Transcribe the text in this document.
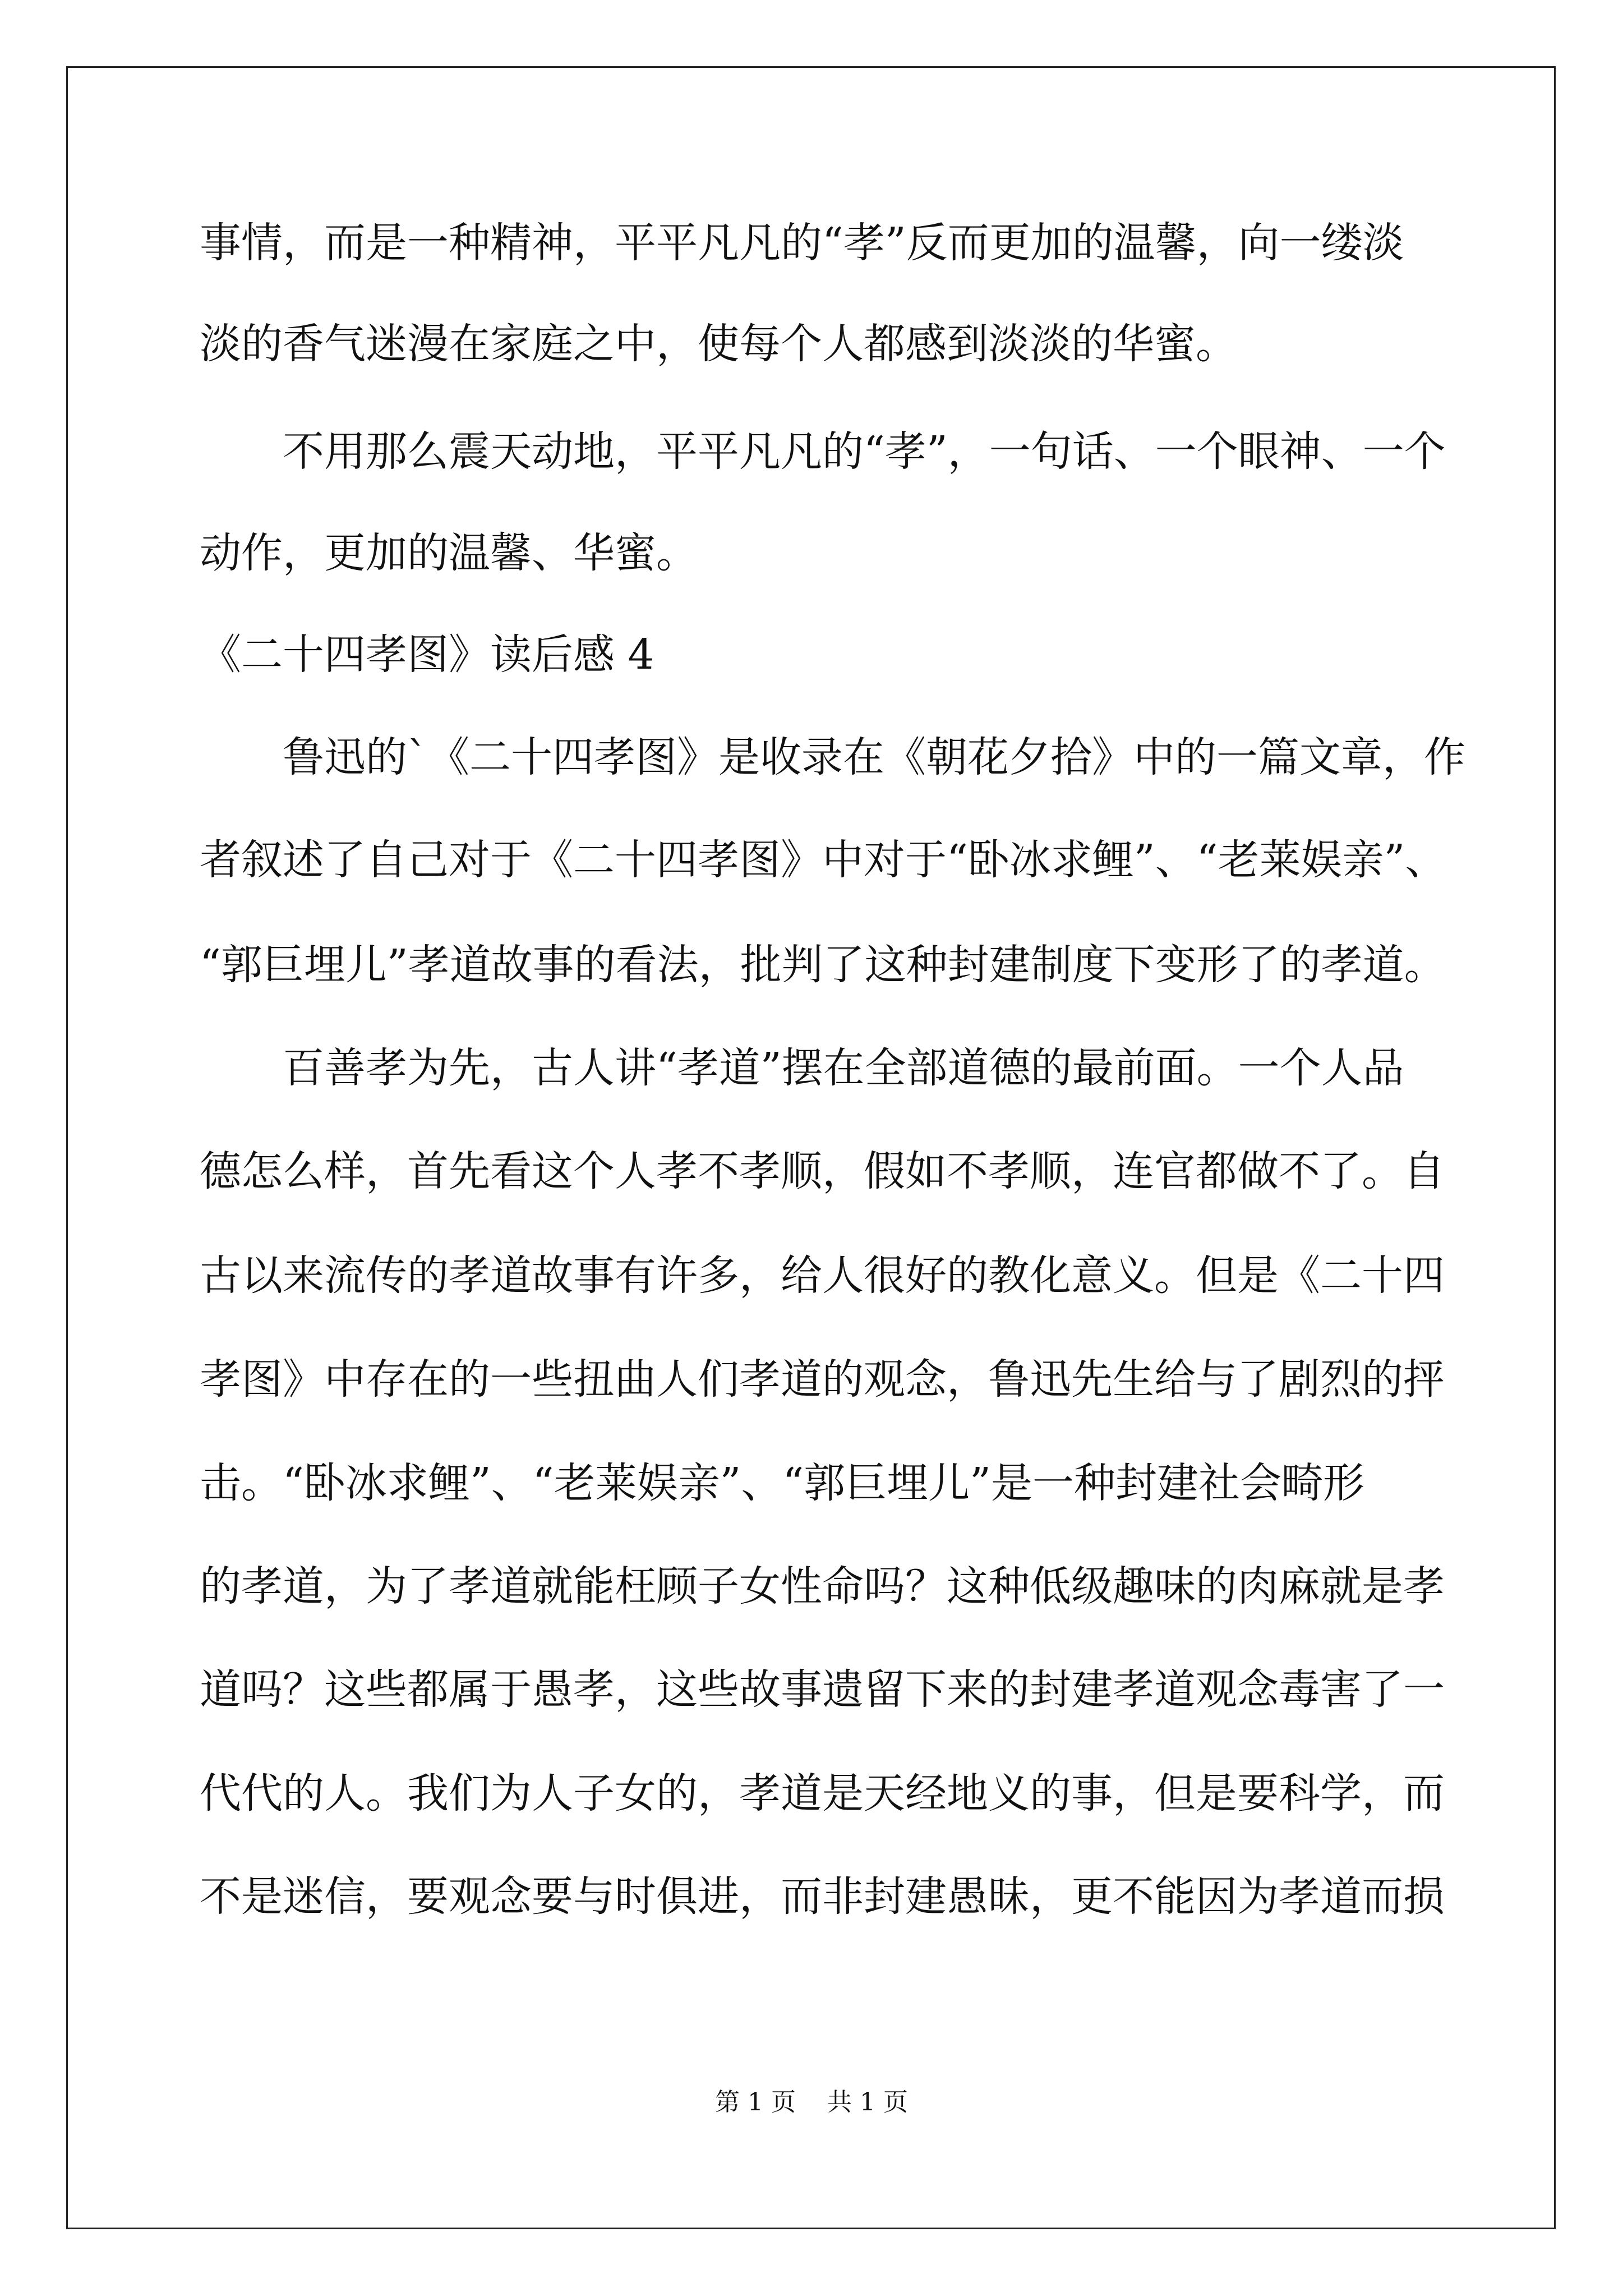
事情，而是一种精神，平平凡凡的“孝”反而更加的温馨，向一缕淡
淡的香气迷漫在家庭之中，使每个人都感到淡淡的华蜜。
不用那么震天动地，平平凡凡的“孝”，一句话、一个眼神、一个
动作，更加的温馨、华蜜。
《二十四孝图》读后感 4
鲁迅的`《二十四孝图》是收录在《朝花夕拾》中的一篇文章，作
者叙述了自己对于《二十四孝图》中对于“卧冰求鲤”、“老莱娱亲”、
“郭巨埋儿”孝道故事的看法，批判了这种封建制度下变形了的孝道。
百善孝为先，古人讲“孝道”摆在全部道德的最前面。一个人品
德怎么样，首先看这个人孝不孝顺，假如不孝顺，连官都做不了。自
古以来流传的孝道故事有许多，给人很好的教化意义。但是《二十四
孝图》中存在的一些扭曲人们孝道的观念，鲁迅先生给与了剧烈的抨
击。“卧冰求鲤”、“老莱娱亲”、“郭巨埋儿”是一种封建社会畸形
的孝道，为了孝道就能枉顾子女性命吗？这种低级趣味的肉麻就是孝
道吗？这些都属于愚孝，这些故事遗留下来的封建孝道观念毒害了一
代代的人。我们为人子女的，孝道是天经地义的事，但是要科学，而
不是迷信，要观念要与时俱进，而非封建愚昧，更不能因为孝道而损
第 1 页 共 1 页
